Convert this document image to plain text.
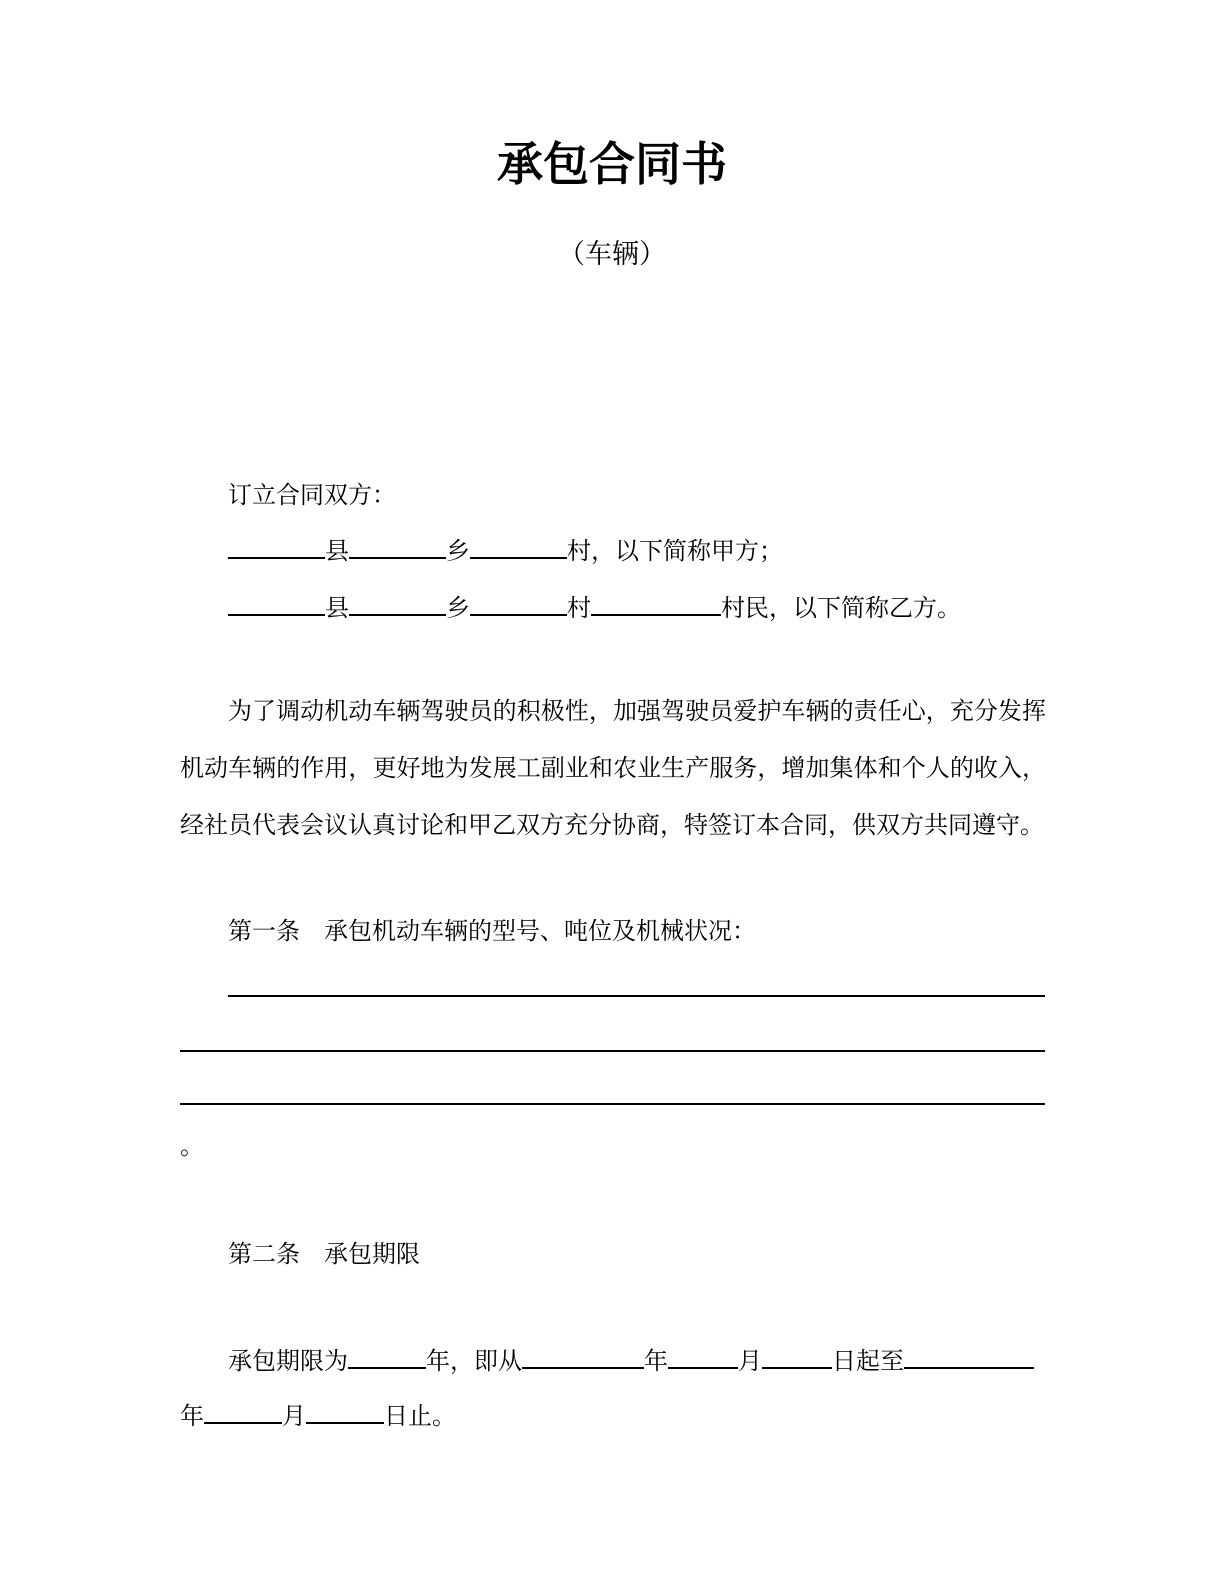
承包合同书
（车辆）
订立合同双方：
县	乡	村，以下简称甲方；
县	乡	村	村民，以下简称乙方。
为了调动机动车辆驾驶员的积极性，加强驾驶员爱护车辆的责任心，充分发挥机动车辆的作用，更好地为发展工副业和农业生产服务，增加集体和个人的收入，经社员代表会议认真讨论和甲乙双方充分协商，特签订本合同，供双方共同遵守。
第一条　承包机动车辆的型号、吨位及机械状况：
。
第二条　承包期限
承包期限为	年，即从	年	月	日起至
年	月	日止。
